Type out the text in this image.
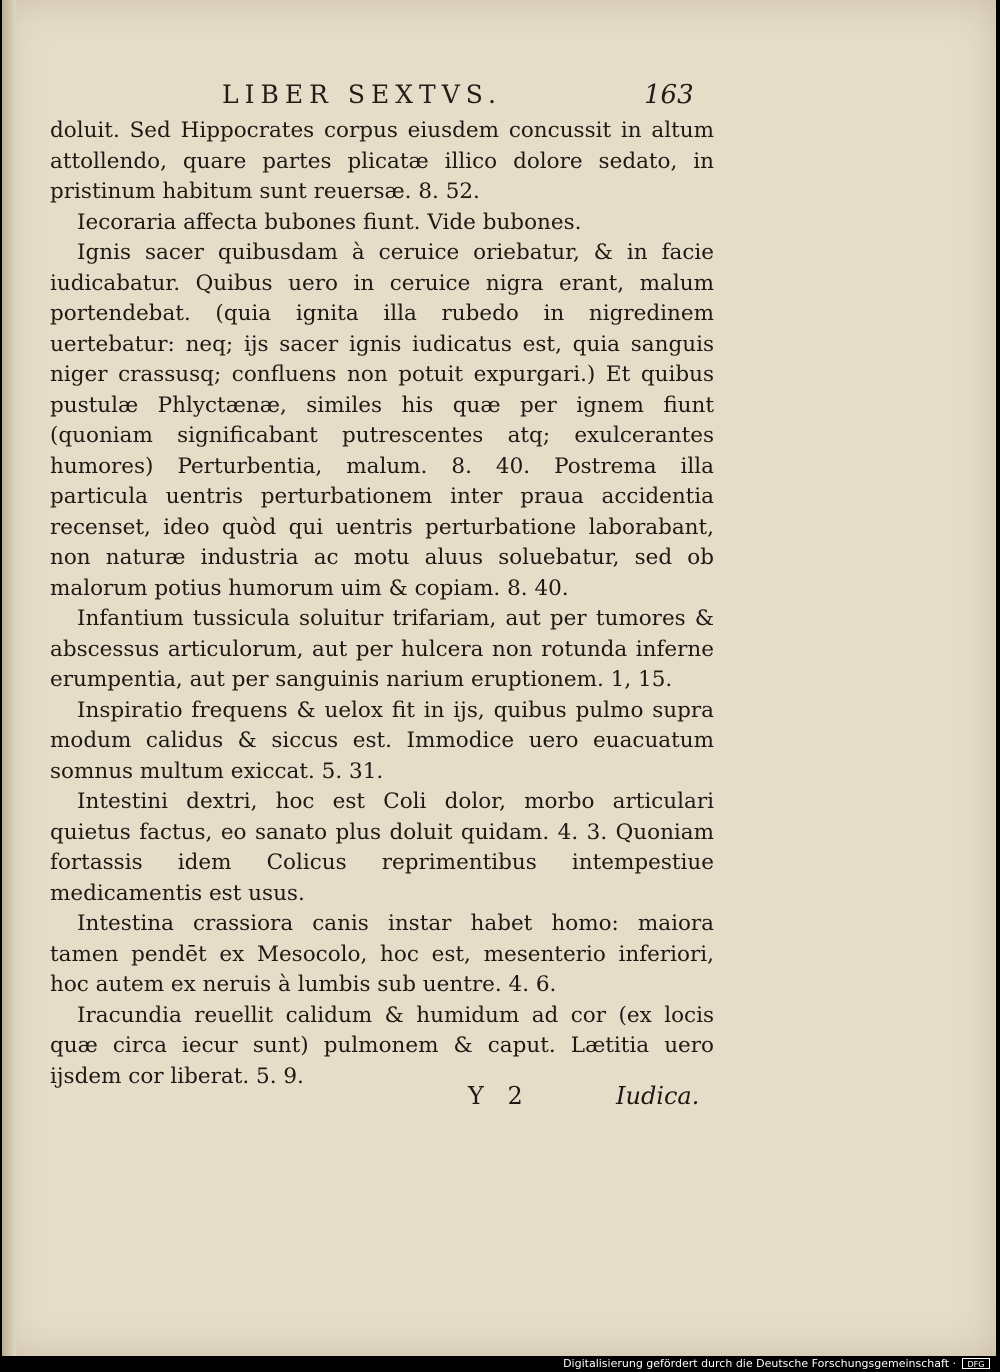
LIBER SEXTVS.	163

doluit. Sed Hippocrates corpus eiusdem concussit in altum attollendo, quare partes plicatæ illico dolore sedato, in pristinum habitum sunt reuersæ. 8. 52.

Iecoraria affecta bubones fiunt. Vide bubones.

Ignis sacer quibusdam à ceruice oriebatur, & in facie iudicabatur. Quibus uero in ceruice nigra erant, malum portendebat. (quia ignita illa rubedo in nigredinem uertebatur: neq; ijs sacer ignis iudicatus est, quia sanguis niger crassusq; confluens non potuit expurgari.) Et quibus pustulæ Phlyctænæ, similes his quæ per ignem fiunt (quoniam significabant putrescentes atq; exulcerantes humores) Perturbentia, malum. 8. 40. Postrema illa particula uentris perturbationem inter praua accidentia recenset, ideo quòd qui uentris perturbatione laborabant, non naturæ industria ac motu aluus soluebatur, sed ob malorum potius humorum uim & copiam. 8. 40.

Infantium tussicula soluitur trifariam, aut per tumores & abscessus articulorum, aut per hulcera non rotunda inferne erumpentia, aut per sanguinis narium eruptionem. 1, 15.

Inspiratio frequens & uelox fit in ijs, quibus pulmo supra modum calidus & siccus est. Immodice uero euacuatum somnus multum exiccat. 5. 31.

Intestini dextri, hoc est Coli dolor, morbo articulari quietus factus, eo sanato plus doluit quidam. 4. 3. Quoniam fortassis idem Colicus reprimentibus intempestiue medicamentis est usus.

Intestina crassiora canis instar habet homo: maiora tamen pendēt ex Mesocolo, hoc est, mesenterio inferiori, hoc autem ex neruis à lumbis sub uentre. 4. 6.

Iracundia reuellit calidum & humidum ad cor (ex locis quæ circa iecur sunt) pulmonem & caput. Lætitia uero ijsdem cor liberat. 5. 9.

Y 2	Iudica.
Digitalisierung gefördert durch die Deutsche Forschungsgemeinschaft ·	DFG
